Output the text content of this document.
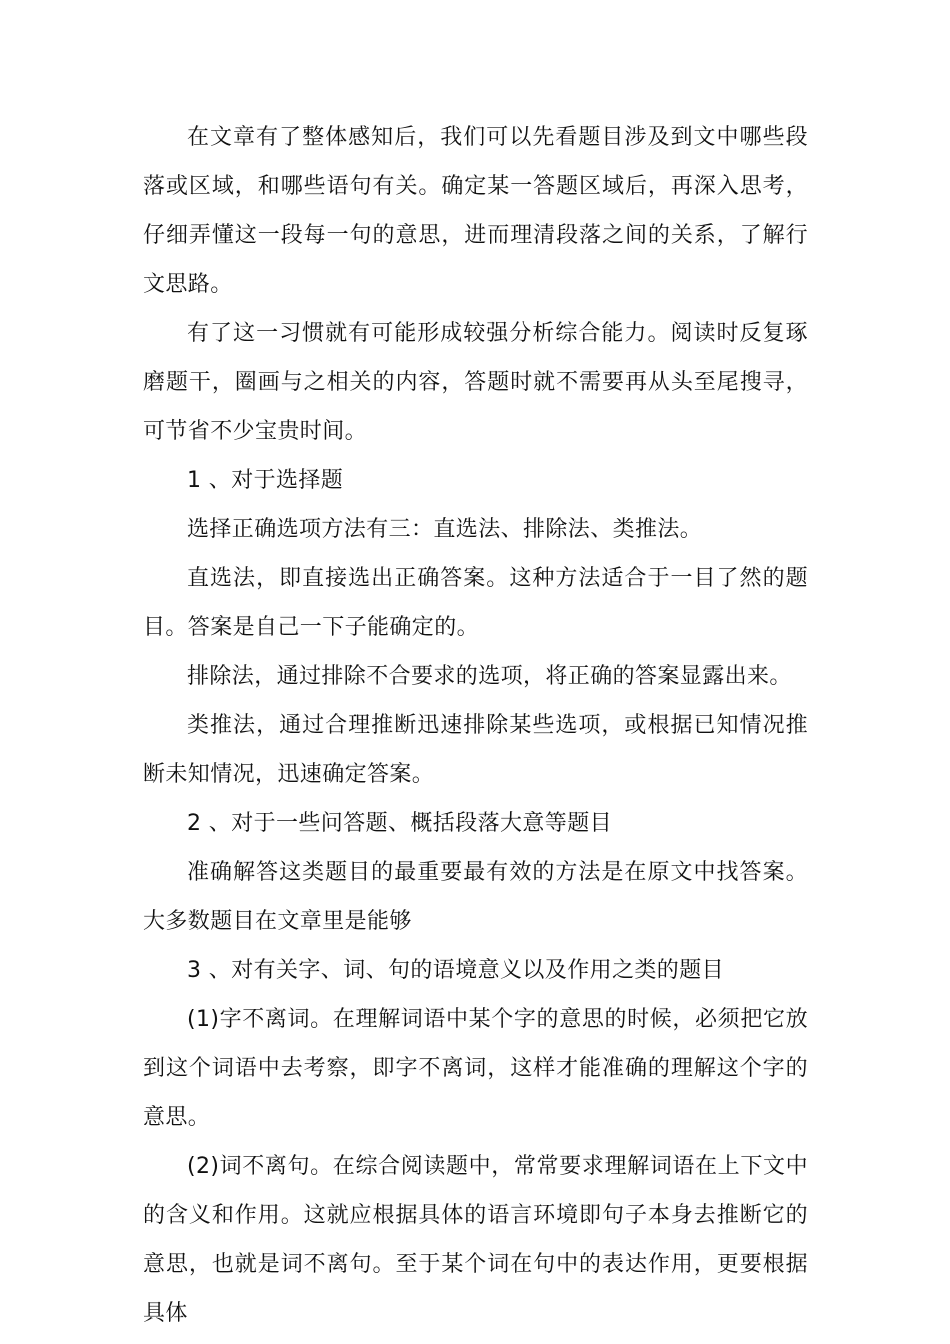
在文章有了整体感知后，我们可以先看题目涉及到文中哪些段落或区域，和哪些语句有关。确定某一答题区域后，再深入思考，仔细弄懂这一段每一句的意思，进而理清段落之间的关系，了解行文思路。

有了这一习惯就有可能形成较强分析综合能力。阅读时反复琢磨题干，圈画与之相关的内容，答题时就不需要再从头至尾搜寻，可节省不少宝贵时间。

1 、对于选择题

选择正确选项方法有三：直选法、排除法、类推法。

直选法，即直接选出正确答案。这种方法适合于一目了然的题目。答案是自己一下子能确定的。

排除法，通过排除不合要求的选项，将正确的答案显露出来。

类推法，通过合理推断迅速排除某些选项，或根据已知情况推断未知情况，迅速确定答案。

2 、对于一些问答题、概括段落大意等题目

准确解答这类题目的最重要最有效的方法是在原文中找答案。大多数题目在文章里是能够

3 、对有关字、词、句的语境意义以及作用之类的题目

(1)字不离词。在理解词语中某个字的意思的时候，必须把它放到这个词语中去考察，即字不离词，这样才能准确的理解这个字的意思。

(2)词不离句。在综合阅读题中，常常要求理解词语在上下文中的含义和作用。这就应根据具体的语言环境即句子本身去推断它的意思，也就是词不离句。至于某个词在句中的表达作用，更要根据具体
